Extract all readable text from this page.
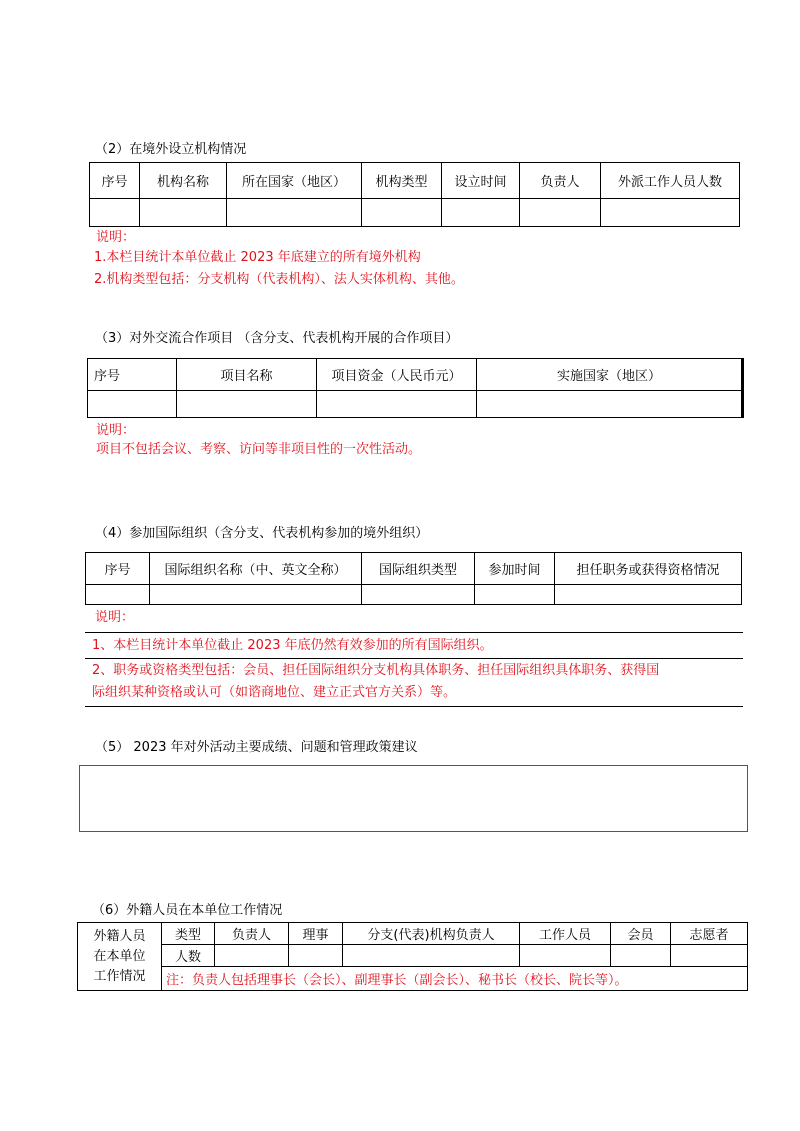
（2）在境外设立机构情况
序号	机构名称	所在国家（地区）	机构类型	设立时间	负责人	外派工作人员人数

说明：
1.本栏目统计本单位截止 2023 年底建立的所有境外机构
2.机构类型包括：分支机构（代表机构）、法人实体机构、其他。
（3）对外交流合作项目 （含分支、代表机构开展的合作项目）
序号	项目名称	项目资金（人民币元）	实施国家（地区）

说明：
项目不包括会议、考察、访问等非项目性的一次性活动。
（4）参加国际组织（含分支、代表机构参加的境外组织）
序号	国际组织名称（中、英文全称）	国际组织类型	参加时间	担任职务或获得资格情况

说明：
1、本栏目统计本单位截止 2023 年底仍然有效参加的所有国际组织。
2、职务或资格类型包括：会员、担任国际组织分支机构具体职务、担任国际组织具体职务、获得国
际组织某种资格或认可（如谘商地位、建立正式官方关系）等。
（5） 2023 年对外活动主要成绩、问题和管理政策建议
（6）外籍人员在本单位工作情况
外籍人员
在本单位
工作情况	类型	负责人	理事	分支(代表)机构负责人	工作人员	会员	志愿者
	人数						
	注：负责人包括理事长（会长）、副理事长（副会长）、秘书长（校长、院长等）。						
